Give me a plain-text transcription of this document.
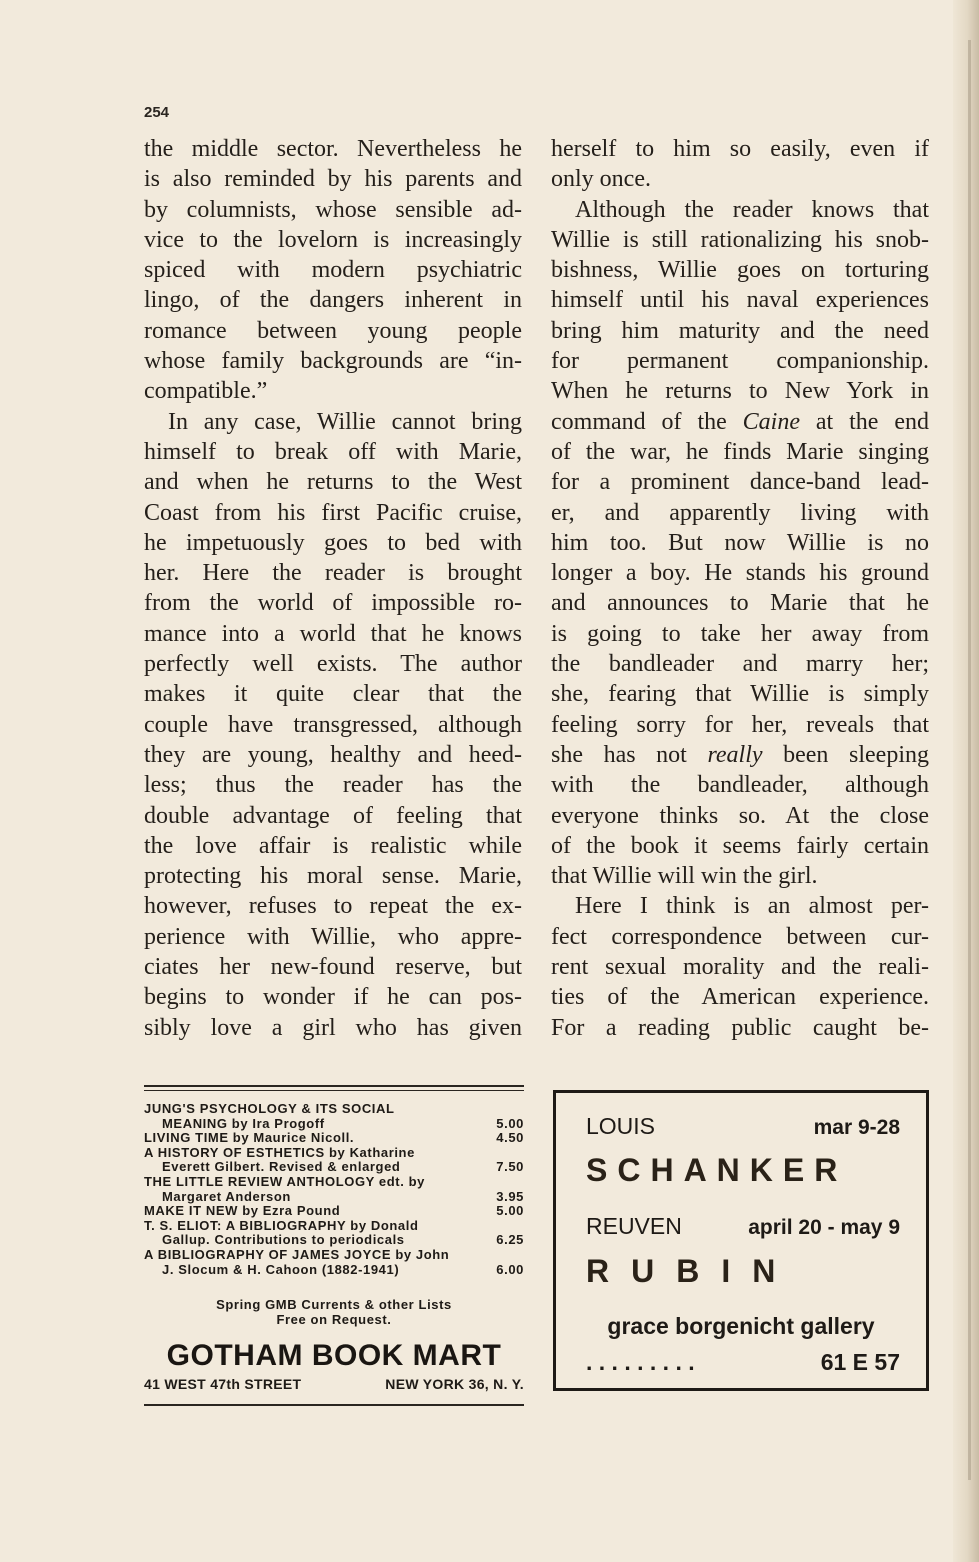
254
the middle sector. Nevertheless he
is also reminded by his parents and
by columnists, whose sensible ad-
vice to the lovelorn is increasingly
spiced with modern psychiatric
lingo, of the dangers inherent in
romance between young people
whose family backgrounds are “in-
compatible.”
In any case, Willie cannot bring
himself to break off with Marie,
and when he returns to the West
Coast from his first Pacific cruise,
he impetuously goes to bed with
her. Here the reader is brought
from the world of impossible ro-
mance into a world that he knows
perfectly well exists. The author
makes it quite clear that the
couple have transgressed, although
they are young, healthy and heed-
less; thus the reader has the
double advantage of feeling that
the love affair is realistic while
protecting his moral sense. Marie,
however, refuses to repeat the ex-
perience with Willie, who appre-
ciates her new-found reserve, but
begins to wonder if he can pos-
sibly love a girl who has given
herself to him so easily, even if
only once.
Although the reader knows that
Willie is still rationalizing his snob-
bishness, Willie goes on torturing
himself until his naval experiences
bring him maturity and the need
for permanent companionship.
When he returns to New York in
command of the Caine at the end
of the war, he finds Marie singing
for a prominent dance-band lead-
er, and apparently living with
him too. But now Willie is no
longer a boy. He stands his ground
and announces to Marie that he
is going to take her away from
the bandleader and marry her;
she, fearing that Willie is simply
feeling sorry for her, reveals that
she has not really been sleeping
with the bandleader, although
everyone thinks so. At the close
of the book it seems fairly certain
that Willie will win the girl.
Here I think is an almost per-
fect correspondence between cur-
rent sexual morality and the reali-
ties of the American experience.
For a reading public caught be-
JUNG'S PSYCHOLOGY & ITS SOCIAL
MEANING by Ira Progoff	5.00
LIVING TIME by Maurice Nicoll.	4.50
A HISTORY OF ESTHETICS by Katharine
Everett Gilbert. Revised & enlarged	7.50
THE LITTLE REVIEW ANTHOLOGY edt. by
Margaret Anderson	3.95
MAKE IT NEW by Ezra Pound	5.00
T. S. ELIOT: A BIBLIOGRAPHY by Donald
Gallup. Contributions to periodicals	6.25
A BIBLIOGRAPHY OF JAMES JOYCE by John
J. Slocum & H. Cahoon (1882-1941)	6.00
Spring GMB Currents & other Lists
Free on Request.
GOTHAM BOOK MART
41 WEST 47th STREET	NEW YORK 36, N. Y.
LOUIS	mar 9-28
SCHANKER
REUVEN	april 20 - may 9
RUBIN
grace borgenicht gallery
. . . . . . . . .	61 E 57
